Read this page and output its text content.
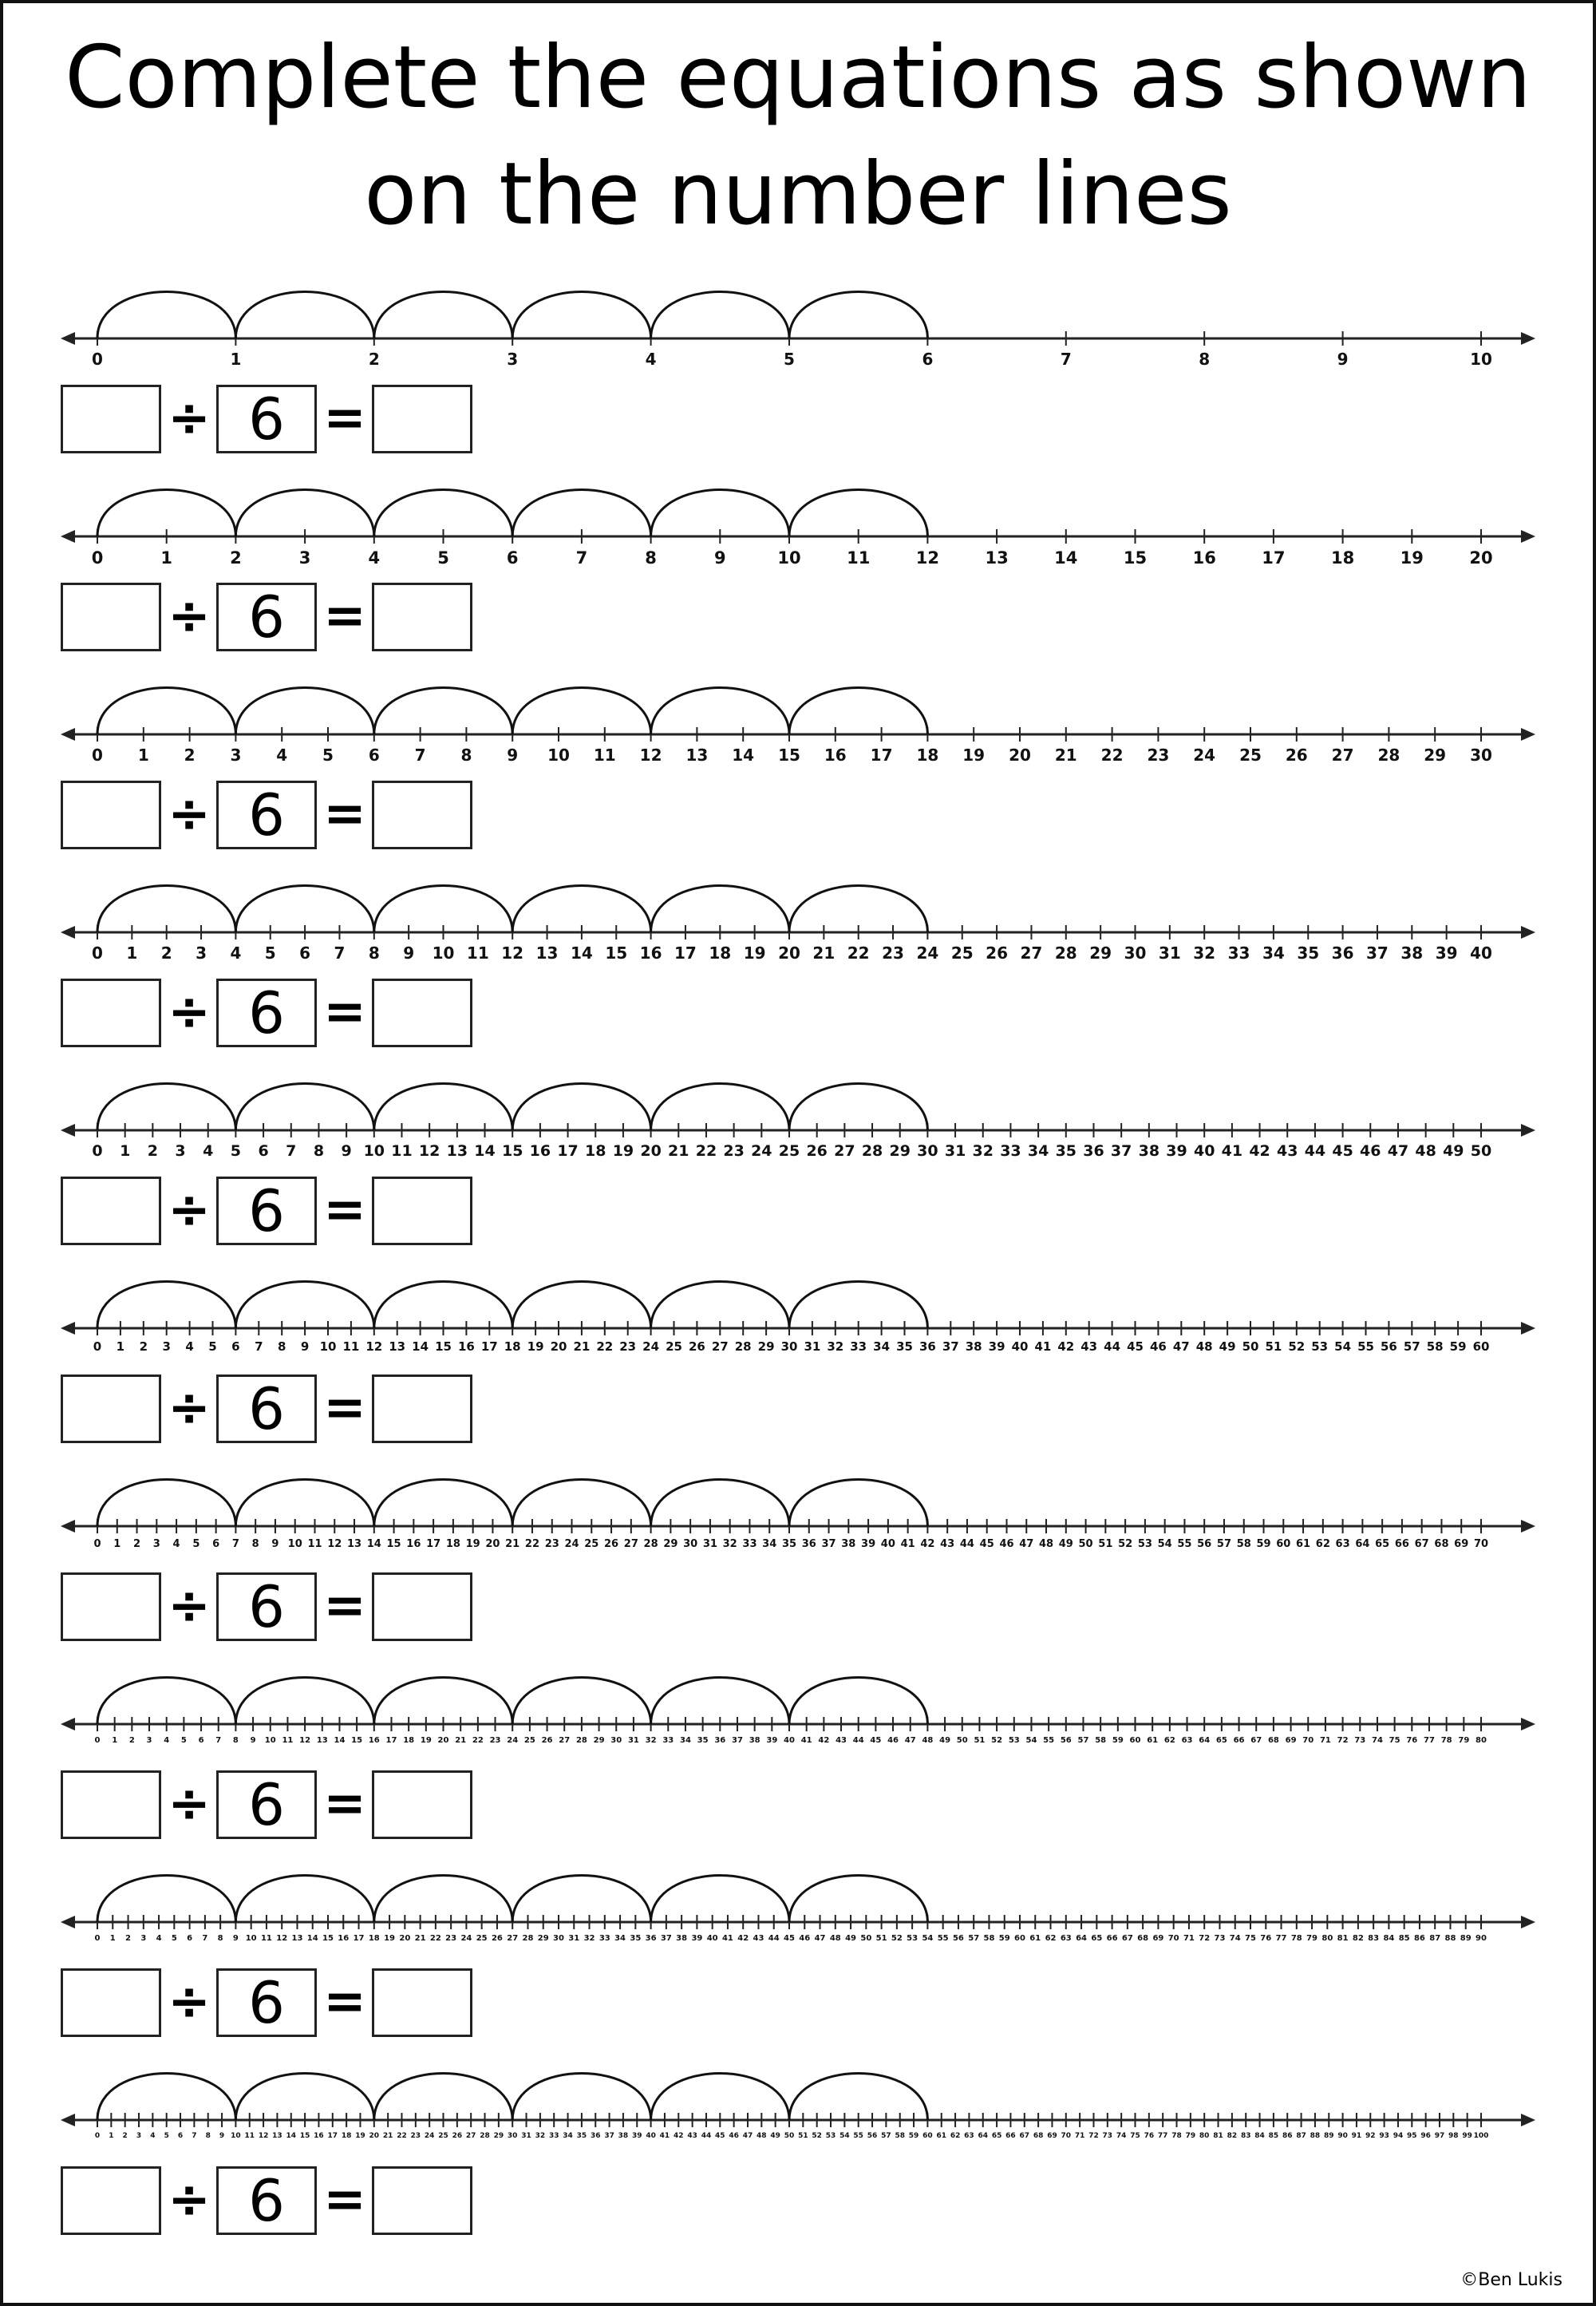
Complete the equations as shown
on the number lines
0	1	2	3	4	5	6	7	8	9	10
0	1	2	3	4	5	6	7	8	9	10	11	12	13	14	15	16	17	18	19	20
0 1 2 3 4 5 6 7 8 9 10 11 12 13 14 15 16 17 18 19 20 21 22 23 24 25 26 27 28 29 30
0 1 2 3 4 5 6 7 8 9 10 11 12 13 14 15 16 17 18 19 20 21 22 23 24 25 26 27 28 29 30 31 32 33 34 35 36 37 38 39 40
0 1 2 3 4 5 6 7 8 9 10 11 12 13 14 15 16 17 18 19 20 21 22 23 24 25 26 27 28 29 30 31 32 33 34 35 36 37 38 39 40 41 42 43 44 45 46 47 48 49 50
0 1 2 3 4 5 6 7 8 9 10 11 12 13 14 15 16 17 18 19 20 21 22 23 24 25 26 27 28 29 30 31 32 33 34 35 36 37 38 39 40 41 42 43 44 45 46 47 48 49 50 51 52 53 54 55 56 57 58 59 60
0 1 2 3 4 5 6 7 8 9 10 11 12 13 14 15 16 17 18 19 20 21 22 23 24 25 26 27 28 29 30 31 32 33 34 35 36 37 38 39 40 41 42 43 44 45 46 47 48 49 50 51 52 53 54 55 56 57 58 59 60 61 62 63 64 65 66 67 68 69 70
0 1 2 3 4 5 6 7 8 9 10 11 12 13 14 15 16 17 18 19 20 21 22 23 24 25 26 27 28 29 30 31 32 33 34 35 36 37 38 39 40 41 42 43 44 45 46 47 48 49 50 51 52 53 54 55 56 57 58 59 60 61 62 63 64 65 66 67 68 69 70 71 72 73 74 75 76 77 78 79 80
0 1 2 3 4 5 6 7 8 9 10 11 12 13 14 15 16 17 18 19 20 21 22 23 24 25 26 27 28 29 30 31 32 33 34 35 36 37 38 39 40 41 42 43 44 45 46 47 48 49 50 51 52 53 54 55 56 57 58 59 60 61 62 63 64 65 66 67 68 69 70 71 72 73 74 75 76 77 78 79 80 81 82 83 84 85 86 87 88 89 90
0 1 2 3 4 5 6 7 8 9 10 11 12 13 14 15 16 17 18 19 20 21 22 23 24 25 26 27 28 29 30 31 32 33 34 35 36 37 38 39 40 41 42 43 44 45 46 47 48 49 50 51 52 53 54 55 56 57 58 59 60 61 62 63 64 65 66 67 68 69 70 71 72 73 74 75 76 77 78 79 80 81 82 83 84 85 86 87 88 89 90 91 92 93 94 95 96 97 98 99 100
÷ 6 =
÷ 6 =
÷ 6 =
÷ 6 =
÷ 6 =
÷ 6 =
÷ 6 =
÷ 6 =
÷ 6 =
÷ 6 =
©Ben Lukis
